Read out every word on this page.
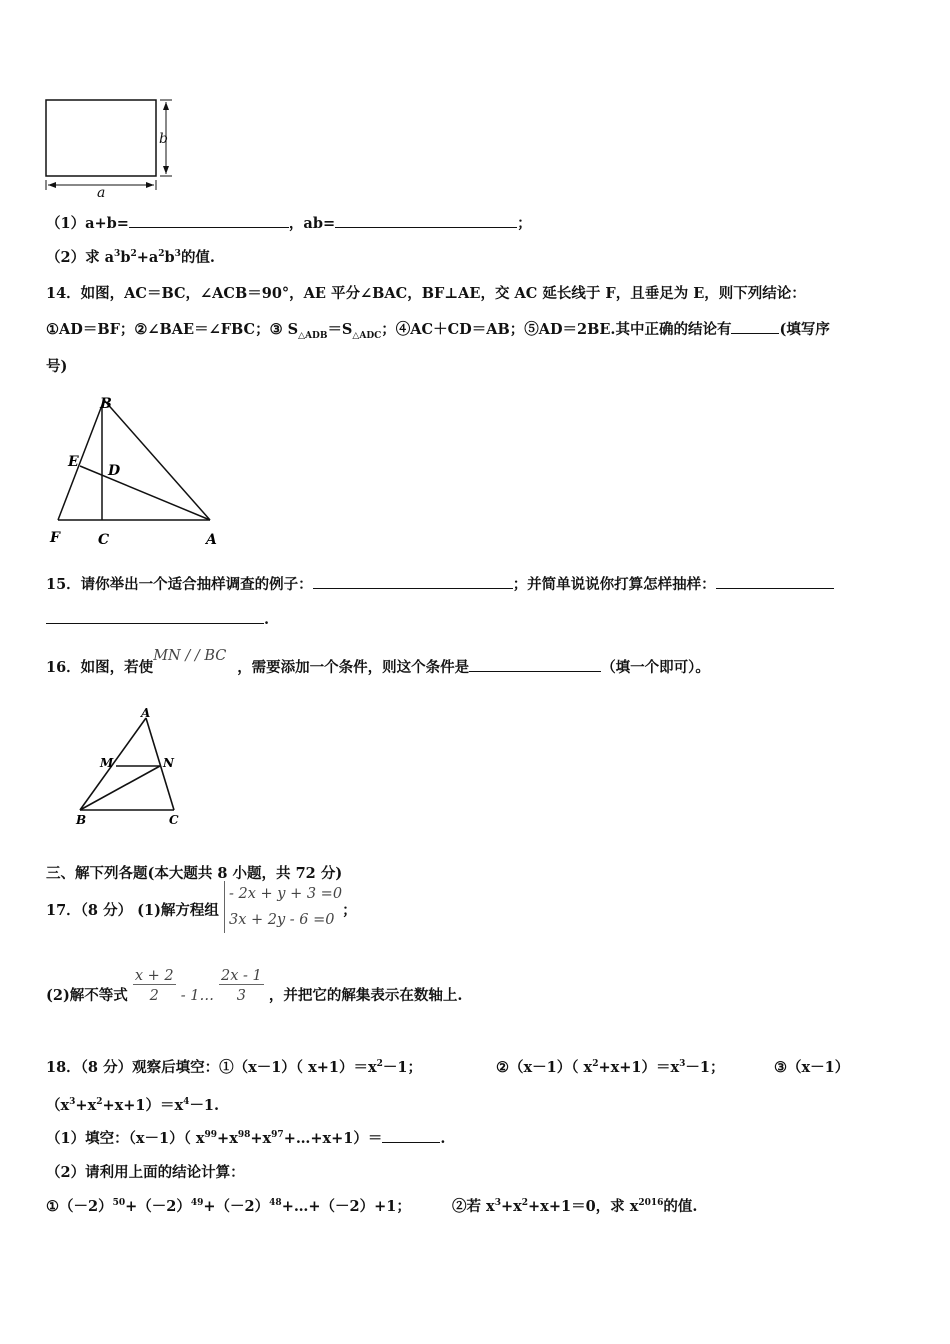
b
a
（1）a+b=	，ab=	；
（2）求 $a^3b^2+a^2b^3$的值.
14．如图，AC＝BC，∠ACB＝90°，AE 平分∠BAC，BF⊥AE，交 AC 延长线于 F，且垂足为 E，则下列结论：
①AD＝BF；②∠BAE＝∠FBC；③ $S_{\triangle ADB}=S_{\triangle ADC}$；④AC＋CD＝AB；⑤AD＝2BE.其中正确的结论有	(填写序
号)
B
E
D
F	C	A
15．请你举出一个适合抽样调查的例子：	；并简单说说你打算怎样抽样：
.
16．如图，若使MN / / BC，需要添加一个条件，则这个条件是	（填一个即可）。
A
M	N
B	C
三、解下列各题(本大题共 8 小题，共 72 分)
17．（8 分） (1)解方程组
- 2x + y + 3 =0
3x + 2y - 6 =0
；
(2)解不等式 $\frac{x + 2}{2}$ - 1… $\frac{2x - 1}{3}$ ，并把它的解集表示在数轴上.
18．（8 分）观察后填空：①（x－1）（ $x+1)=x^2-1$；	②（x－1）（ $x^2+x+1)=x^3-1$；	③（x－1）
$(x^3+x^2+x+1)=x^4-1$.
（1）填空：（x－1）（ $x^{99}+x^{98}+x^{97}+\dots+x+1)=$	.
（2）请利用上面的结论计算：
$①(-2)^{50}+(-2)^{49}+(-2)^{48}+\dots+(-2)+1$；	②若 $x^3+x^2+x+1=0$，求 $x^{2016}$的值.
